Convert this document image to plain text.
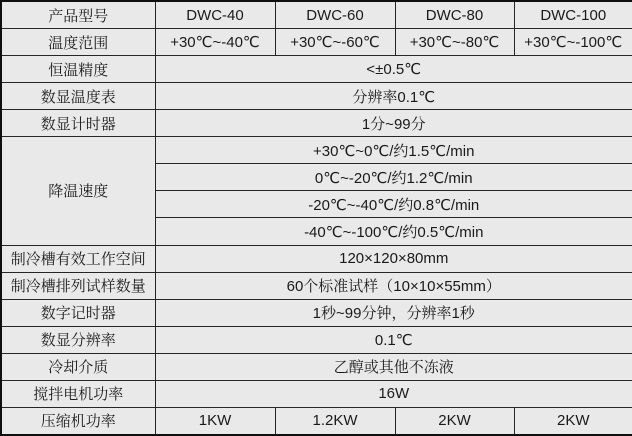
产品型号	DWC-40	DWC-60	DWC-80	DWC-100
温度范围	+30℃~-40℃	+30℃~-60℃	+30℃~-80℃	+30℃~-100℃
恒温精度	<±0.5℃			
数显温度表	分辨率0.1℃			
数显计时器	1分~99分			
降温速度	+30℃~0℃/约1.5℃/min			
	0℃~-20℃/约1.2℃/min			
	-20℃~-40℃/约0.8℃/min			
	-40℃~-100℃/约0.5℃/min			
制冷槽有效工作空间	120×120×80mm			
制冷槽排列试样数量	60个标准试样（10×10×55mm）			
数字记时器	1秒~99分钟，分辨率1秒			
数显分辨率	0.1℃			
冷却介质	乙醇或其他不冻液			
搅拌电机功率	16W			
压缩机功率	1KW	1.2KW	2KW	2KW
